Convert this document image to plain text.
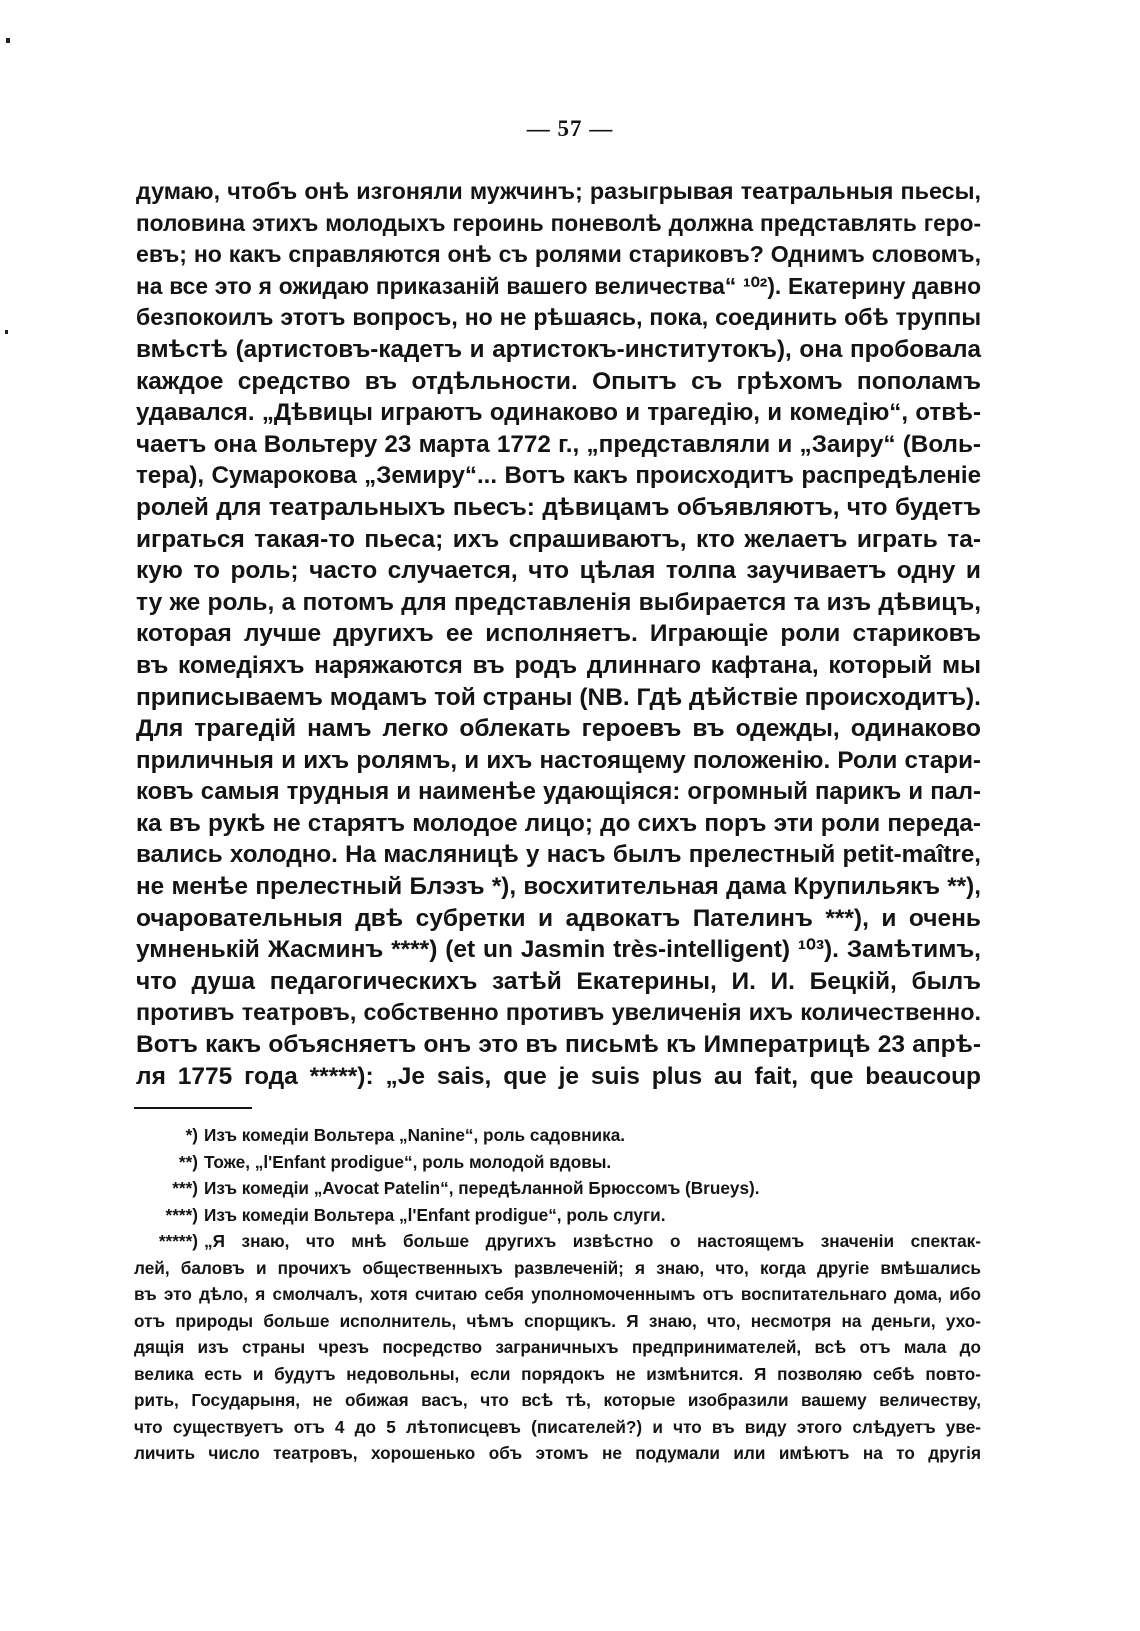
— 57 —
думаю, чтобъ онѣ изгоняли мужчинъ; разыгрывая театральныя пьесы,
половина этихъ молодыхъ героинь поневолѣ должна представлять геро-
евъ; но какъ справляются онѣ съ ролями стариковъ? Однимъ словомъ,
на все это я ожидаю приказаній вашего величества“ ¹⁰²). Екатерину давно
безпокоилъ этотъ вопросъ, но не рѣшаясь, пока, соединить обѣ труппы
вмѣстѣ (артистовъ-кадетъ и артистокъ-институтокъ), она пробовала
каждое средство въ отдѣльности. Опытъ съ грѣхомъ пополамъ
удавался. „Дѣвицы играютъ одинаково и трагедію, и комедію“, отвѣ-
чаетъ она Вольтеру 23 марта 1772 г., „представляли и „Заиру“ (Воль-
тера), Сумарокова „Земиру“... Вотъ какъ происходитъ распредѣленіе
ролей для театральныхъ пьесъ: дѣвицамъ объявляютъ, что будетъ
играться такая-то пьеса; ихъ спрашиваютъ, кто желаетъ играть та-
кую то роль; часто случается, что цѣлая толпа заучиваетъ одну и
ту же роль, а потомъ для представленія выбирается та изъ дѣвицъ,
которая лучше другихъ ее исполняетъ. Играющіе роли стариковъ
въ комедіяхъ наряжаются въ родъ длиннаго кафтана, который мы
приписываемъ модамъ той страны (NB. Гдѣ дѣйствіе происходитъ).
Для трагедій намъ легко облекать героевъ въ одежды, одинаково
приличныя и ихъ ролямъ, и ихъ настоящему положенію. Роли стари-
ковъ самыя трудныя и наименѣе удающіяся: огромный парикъ и пал-
ка въ рукѣ не старятъ молодое лицо; до сихъ поръ эти роли переда-
вались холодно. На масляницѣ у насъ былъ прелестный petit-maître,
не менѣе прелестный Блэзъ *), восхитительная дама Крупильякъ **),
очаровательныя двѣ субретки и адвокатъ Пателинъ ***), и очень
умненькій Жасминъ ****) (et un Jasmin très-intelligent) ¹⁰³). Замѣтимъ,
что душа педагогическихъ затѣй Екатерины, И. И. Бецкій, былъ
противъ театровъ, собственно противъ увеличенія ихъ количественно.
Вотъ какъ объясняетъ онъ это въ письмѣ къ Императрицѣ 23 апрѣ-
ля 1775 года *****): „Je sais, que je suis plus au fait, que beaucoup
*) Изъ комедіи Вольтера „Nanine“, роль садовника.
**) Тоже, „l'Enfant prodigue“, роль молодой вдовы.
***) Изъ комедіи „Avocat Patelin“, передѣланной Брюссомъ (Brueys).
****) Изъ комедіи Вольтера „l'Enfant prodigue“, роль слуги.
*****) „Я знаю, что мнѣ больше другихъ извѣстно о настоящемъ значеніи спектак-
лей, баловъ и прочихъ общественныхъ развлеченій; я знаю, что, когда другіе вмѣшались
въ это дѣло, я смолчалъ, хотя считаю себя уполномоченнымъ отъ воспитательнаго дома, ибо
отъ природы больше исполнитель, чѣмъ спорщикъ. Я знаю, что, несмотря на деньги, ухо-
дящія изъ страны чрезъ посредство заграничныхъ предпринимателей, всѣ отъ мала до
велика есть и будутъ недовольны, если порядокъ не измѣнится. Я позволяю себѣ повто-
рить, Государыня, не обижая васъ, что всѣ тѣ, которые изобразили вашему величеству,
что существуетъ отъ 4 до 5 лѣтописцевъ (писателей?) и что въ виду этого слѣдуетъ уве-
личить число театровъ, хорошенько объ этомъ не подумали или имѣютъ на то другія
